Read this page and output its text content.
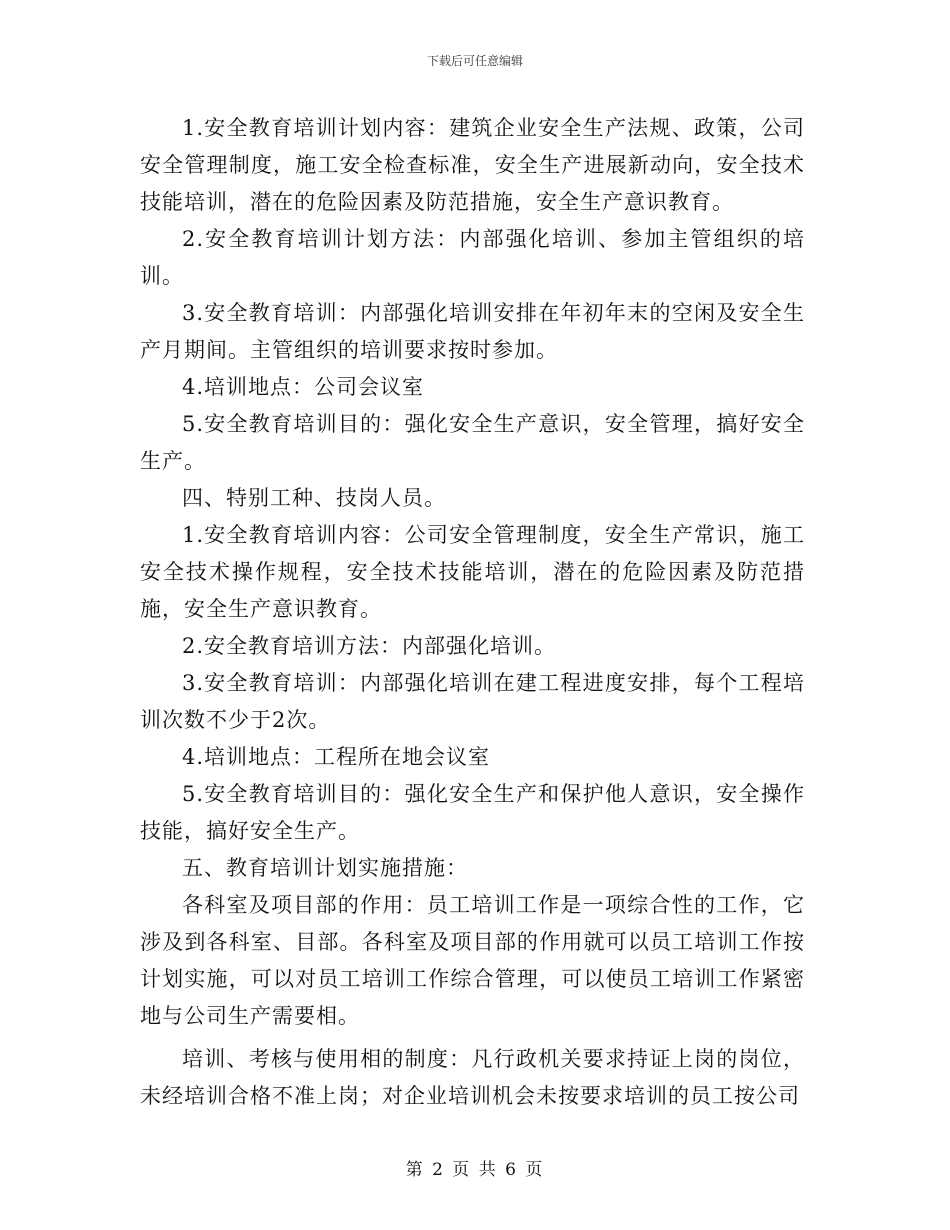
下载后可任意编辑

1.安全教育培训计划内容：建筑企业安全生产法规、政策，公司安全管理制度，施工安全检查标准，安全生产进展新动向，安全技术技能培训，潜在的危险因素及防范措施，安全生产意识教育。

2.安全教育培训计划方法：内部强化培训、参加主管组织的培训。

3.安全教育培训：内部强化培训安排在年初年末的空闲及安全生产月期间。主管组织的培训要求按时参加。

4.培训地点：公司会议室

5.安全教育培训目的：强化安全生产意识，安全管理，搞好安全生产。

四、特别工种、技岗人员。

1.安全教育培训内容：公司安全管理制度，安全生产常识，施工安全技术操作规程，安全技术技能培训，潜在的危险因素及防范措施，安全生产意识教育。

2.安全教育培训方法：内部强化培训。

3.安全教育培训：内部强化培训在建工程进度安排，每个工程培训次数不少于2次。

4.培训地点：工程所在地会议室

5.安全教育培训目的：强化安全生产和保护他人意识，安全操作技能，搞好安全生产。

五、教育培训计划实施措施：

各科室及项目部的作用：员工培训工作是一项综合性的工作，它涉及到各科室、目部。各科室及项目部的作用就可以员工培训工作按计划实施，可以对员工培训工作综合管理，可以使员工培训工作紧密地与公司生产需要相。

培训、考核与使用相的制度：凡行政机关要求持证上岗的岗位，未经培训合格不准上岗；对企业培训机会未按要求培训的员工按公司

第 2 页 共 6 页
